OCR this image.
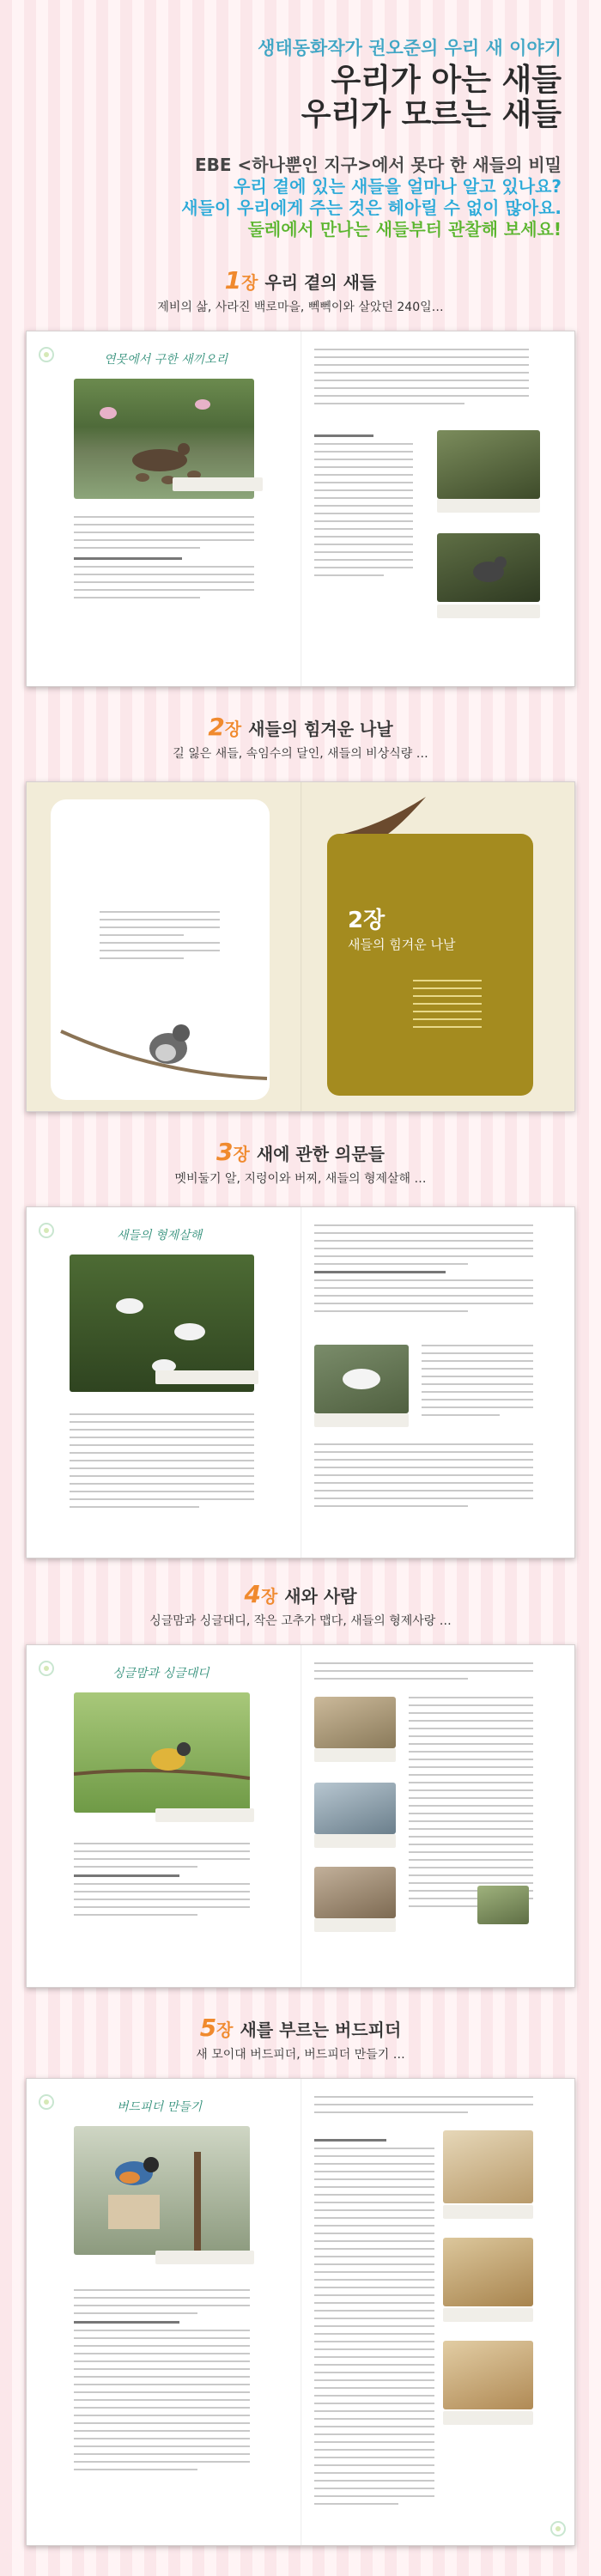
생태동화작가 권오준의 우리 새 이야기
우리가 아는 새들
우리가 모르는 새들
EBE <하나뿐인 지구>에서 못다 한 새들의 비밀
우리 곁에 있는 새들을 얼마나 알고 있나요?
새들이 우리에게 주는 것은 헤아릴 수 없이 많아요.
둘레에서 만나는 새들부터 관찰해 보세요!
1장 우리 곁의 새들
제비의 삶, 사라진 백로마을, 뻭뻭이와 살았던 240일…
연못에서 구한 새끼오리

2장 새들의 힘겨운 나날
길 잃은 새들, 속임수의 달인, 새들의 비상식량 …
2장
새들의 힘겨운 나날
3장 새에 관한 의문들
멧비둘기 알, 지렁이와 버찌, 새들의 형제살해 …
새들의 형제살해

4장 새와 사람
싱글맘과 싱글대디, 작은 고추가 맵다, 새들의 형제사랑 …
싱글맘과 싱글대디

5장 새를 부르는 버드피더
새 모이대 버드피더, 버드피더 만들기 …
버드피더 만들기
